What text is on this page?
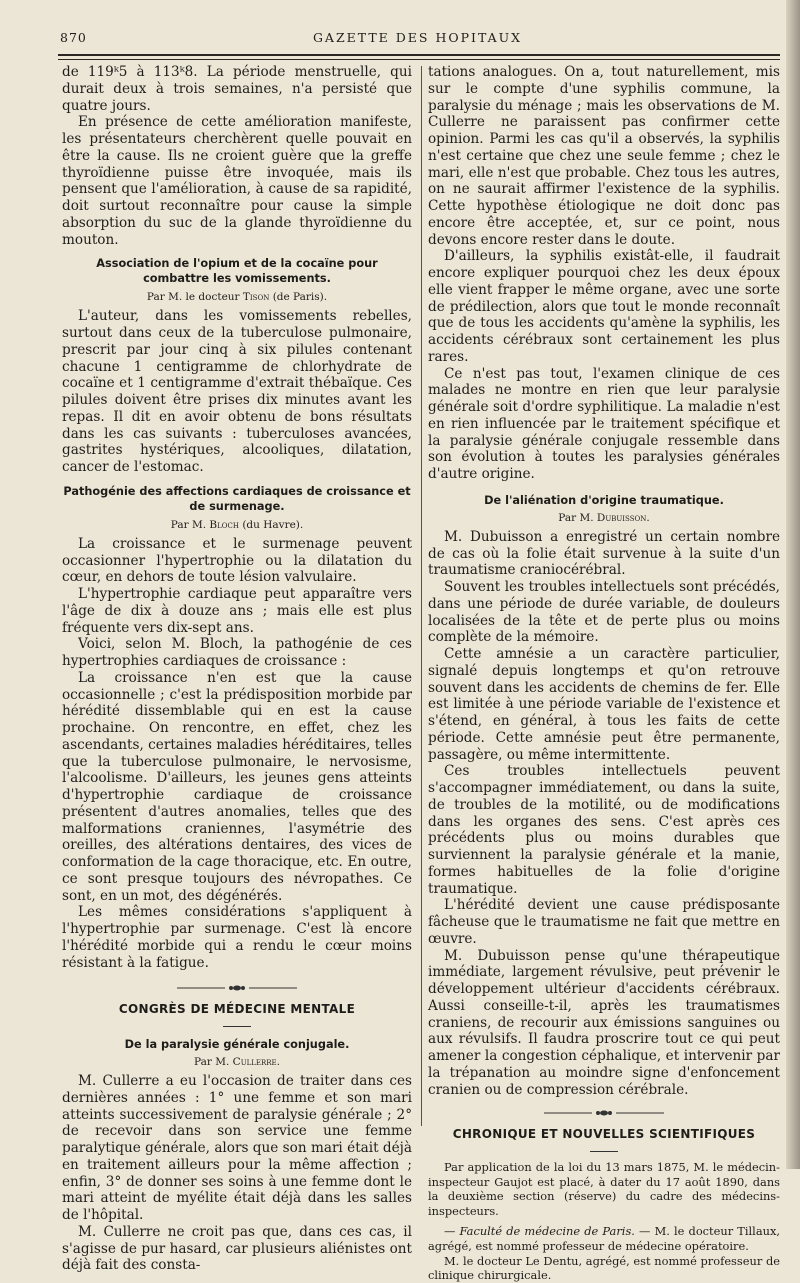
870	GAZETTE DES HOPITAUX

de 119ᵏ5 à 113ᵏ8. La période menstruelle, qui durait deux à trois semaines, n'a persisté que quatre jours.

En présence de cette amélioration manifeste, les présentateurs cherchèrent quelle pouvait en être la cause. Ils ne croient guère que la greffe thyroïdienne puisse être invoquée, mais ils pensent que l'amélioration, à cause de sa rapidité, doit surtout reconnaître pour cause la simple absorption du suc de la glande thyroïdienne du mouton.

Association de l'opium et de la cocaïne pour combattre les vomissements.

Par M. le docteur Tison (de Paris).

L'auteur, dans les vomissements rebelles, surtout dans ceux de la tuberculose pulmonaire, prescrit par jour cinq à six pilules contenant chacune 1 centigramme de chlorhydrate de cocaïne et 1 centigramme d'extrait thébaïque. Ces pilules doivent être prises dix minutes avant les repas. Il dit en avoir obtenu de bons résultats dans les cas suivants : tuberculoses avancées, gastrites hystériques, alcooliques, dilatation, cancer de l'estomac.

Pathogénie des affections cardiaques de croissance et de surmenage.

Par M. Bloch (du Havre).

La croissance et le surmenage peuvent occasionner l'hypertrophie ou la dilatation du cœur, en dehors de toute lésion valvulaire.

L'hypertrophie cardiaque peut apparaître vers l'âge de dix à douze ans ; mais elle est plus fréquente vers dix-sept ans.

Voici, selon M. Bloch, la pathogénie de ces hypertrophies cardiaques de croissance :

La croissance n'en est que la cause occasionnelle ; c'est la prédisposition morbide par hérédité dissemblable qui en est la cause prochaine. On rencontre, en effet, chez les ascendants, certaines maladies héréditaires, telles que la tuberculose pulmonaire, le nervosisme, l'alcoolisme. D'ailleurs, les jeunes gens atteints d'hypertrophie cardiaque de croissance présentent d'autres anomalies, telles que des malformations craniennes, l'asymétrie des oreilles, des altérations dentaires, des vices de conformation de la cage thoracique, etc. En outre, ce sont presque toujours des névropathes. Ce sont, en un mot, des dégénérés.

Les mêmes considérations s'appliquent à l'hypertrophie par surmenage. C'est là encore l'hérédité morbide qui a rendu le cœur moins résistant à la fatigue.

CONGRÈS DE MÉDECINE MENTALE

De la paralysie générale conjugale.

Par M. Cullerre.

M. Cullerre a eu l'occasion de traiter dans ces dernières années : 1° une femme et son mari atteints successivement de paralysie générale ; 2° de recevoir dans son service une femme paralytique générale, alors que son mari était déjà en traitement ailleurs pour la même affection ; enfin, 3° de donner ses soins à une femme dont le mari atteint de myélite était déjà dans les salles de l'hôpital.

M. Cullerre ne croit pas que, dans ces cas, il s'agisse de pur hasard, car plusieurs aliénistes ont déjà fait des consta-

tations analogues. On a, tout naturellement, mis sur le compte d'une syphilis commune, la paralysie du ménage ; mais les observations de M. Cullerre ne paraissent pas confirmer cette opinion. Parmi les cas qu'il a observés, la syphilis n'est certaine que chez une seule femme ; chez le mari, elle n'est que probable. Chez tous les autres, on ne saurait affirmer l'existence de la syphilis. Cette hypothèse étiologique ne doit donc pas encore être acceptée, et, sur ce point, nous devons encore rester dans le doute.

D'ailleurs, la syphilis existât-elle, il faudrait encore expliquer pourquoi chez les deux époux elle vient frapper le même organe, avec une sorte de prédilection, alors que tout le monde reconnaît que de tous les accidents qu'amène la syphilis, les accidents cérébraux sont certainement les plus rares.

Ce n'est pas tout, l'examen clinique de ces malades ne montre en rien que leur paralysie générale soit d'ordre syphilitique. La maladie n'est en rien influencée par le traitement spécifique et la paralysie générale conjugale ressemble dans son évolution à toutes les paralysies générales d'autre origine.

De l'aliénation d'origine traumatique.

Par M. Dubuisson.

M. Dubuisson a enregistré un certain nombre de cas où la folie était survenue à la suite d'un traumatisme craniocérébral.

Souvent les troubles intellectuels sont précédés, dans une période de durée variable, de douleurs localisées de la tête et de perte plus ou moins complète de la mémoire.

Cette amnésie a un caractère particulier, signalé depuis longtemps et qu'on retrouve souvent dans les accidents de chemins de fer. Elle est limitée à une période variable de l'existence et s'étend, en général, à tous les faits de cette période. Cette amnésie peut être permanente, passagère, ou même intermittente.

Ces troubles intellectuels peuvent s'accompagner immédiatement, ou dans la suite, de troubles de la motilité, ou de modifications dans les organes des sens. C'est après ces précédents plus ou moins durables que surviennent la paralysie générale et la manie, formes habituelles de la folie d'origine traumatique.

L'hérédité devient une cause prédisposante fâcheuse que le traumatisme ne fait que mettre en œuvre.

M. Dubuisson pense qu'une thérapeutique immédiate, largement révulsive, peut prévenir le développement ultérieur d'accidents cérébraux. Aussi conseille-t-il, après les traumatismes craniens, de recourir aux émissions sanguines ou aux révulsifs. Il faudra proscrire tout ce qui peut amener la congestion céphalique, et intervenir par la trépanation au moindre signe d'enfoncement cranien ou de compression cérébrale.

CHRONIQUE ET NOUVELLES SCIENTIFIQUES

Par application de la loi du 13 mars 1875, M. le médecin-inspecteur Gaujot est placé, à dater du 17 août 1890, dans la deuxième section (réserve) du cadre des médecins-inspecteurs.

— Faculté de médecine de Paris. — M. le docteur Tillaux, agrégé, est nommé professeur de médecine opératoire.

M. le docteur Le Dentu, agrégé, est nommé professeur de clinique chirurgicale.
